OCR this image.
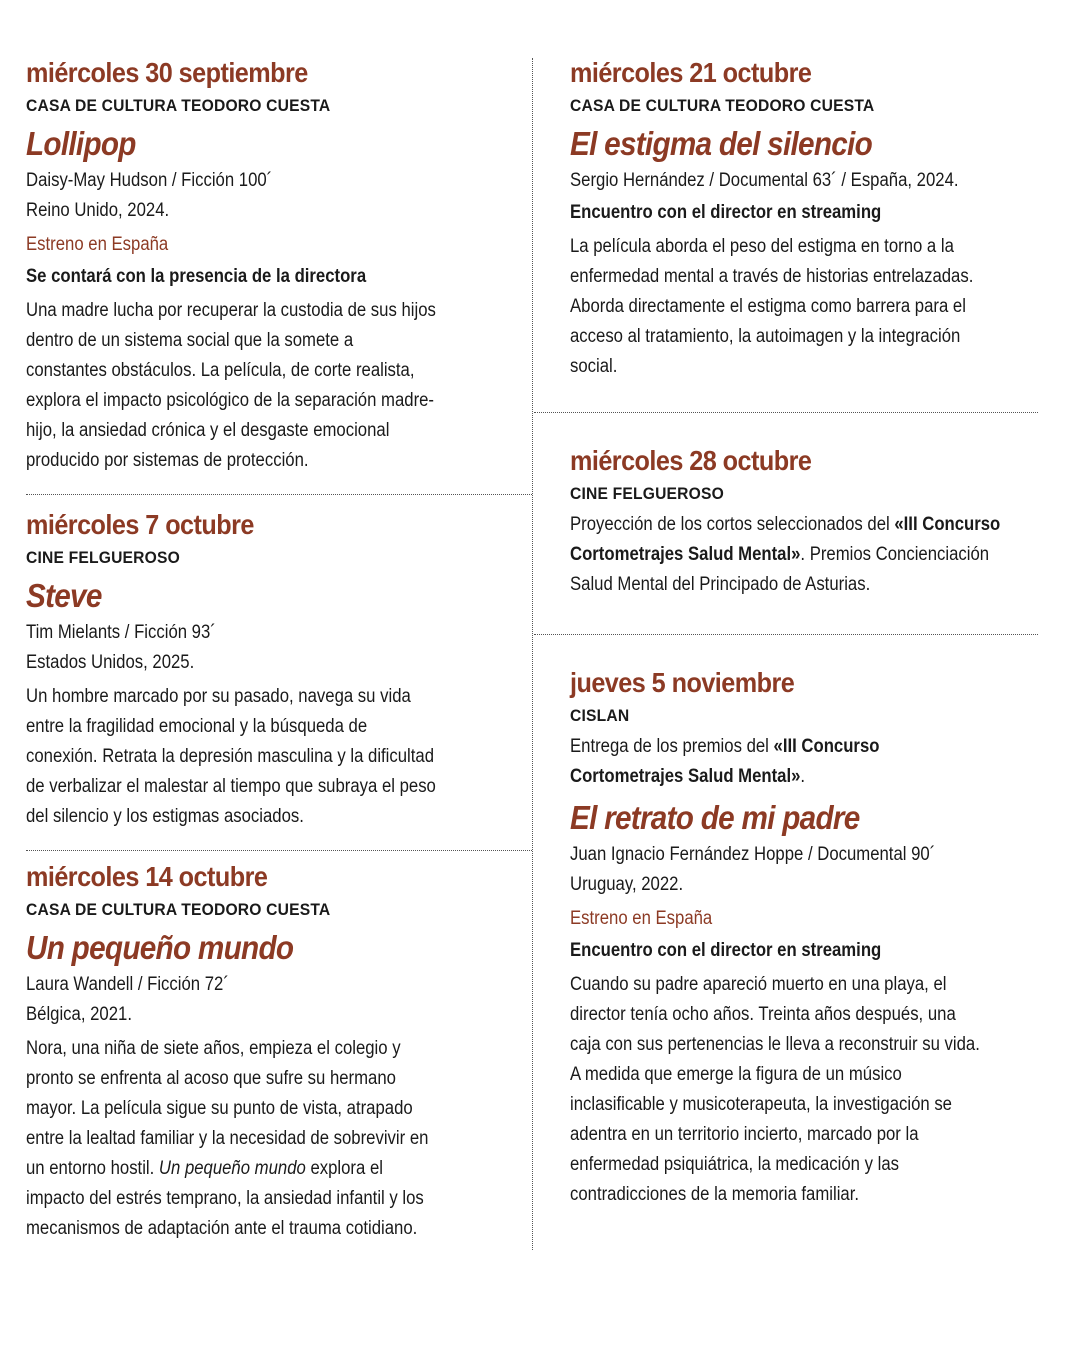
miércoles 30 septiembre
CASA DE CULTURA TEODORO CUESTA
Lollipop
Daisy-May Hudson / Ficción 100´
Reino Unido, 2024.
Estreno en España
Se contará con la presencia de la directora
Una madre lucha por recuperar la custodia de sus hijos
dentro de un sistema social que la somete a
constantes obstáculos. La película, de corte realista,
explora el impacto psicológico de la separación madre-
hijo, la ansiedad crónica y el desgaste emocional
producido por sistemas de protección.
miércoles 7 octubre
CINE FELGUEROSO
Steve
Tim Mielants / Ficción 93´
Estados Unidos, 2025.
Un hombre marcado por su pasado, navega su vida
entre la fragilidad emocional y la búsqueda de
conexión. Retrata la depresión masculina y la dificultad
de verbalizar el malestar al tiempo que subraya el peso
del silencio y los estigmas asociados.
miércoles 14 octubre
CASA DE CULTURA TEODORO CUESTA
Un pequeño mundo
Laura Wandell / Ficción 72´
Bélgica, 2021.
Nora, una niña de siete años, empieza el colegio y
pronto se enfrenta al acoso que sufre su hermano
mayor. La película sigue su punto de vista, atrapado
entre la lealtad familiar y la necesidad de sobrevivir en
un entorno hostil. Un pequeño mundo explora el
impacto del estrés temprano, la ansiedad infantil y los
mecanismos de adaptación ante el trauma cotidiano.
miércoles 21 octubre
CASA DE CULTURA TEODORO CUESTA
El estigma del silencio
Sergio Hernández / Documental 63´ / España, 2024.
Encuentro con el director en streaming
La película aborda el peso del estigma en torno a la
enfermedad mental a través de historias entrelazadas.
Aborda directamente el estigma como barrera para el
acceso al tratamiento, la autoimagen y la integración
social.
miércoles 28 octubre
CINE FELGUEROSO
Proyección de los cortos seleccionados del «III Concurso
Cortometrajes Salud Mental». Premios Concienciación
Salud Mental del Principado de Asturias.
jueves 5 noviembre
CISLAN
Entrega de los premios del «III Concurso
Cortometrajes Salud Mental».
El retrato de mi padre
Juan Ignacio Fernández Hoppe / Documental 90´
Uruguay, 2022.
Estreno en España
Encuentro con el director en streaming
Cuando su padre apareció muerto en una playa, el
director tenía ocho años. Treinta años después, una
caja con sus pertenencias le lleva a reconstruir su vida.
A medida que emerge la figura de un músico
inclasificable y musicoterapeuta, la investigación se
adentra en un territorio incierto, marcado por la
enfermedad psiquiátrica, la medicación y las
contradicciones de la memoria familiar.
